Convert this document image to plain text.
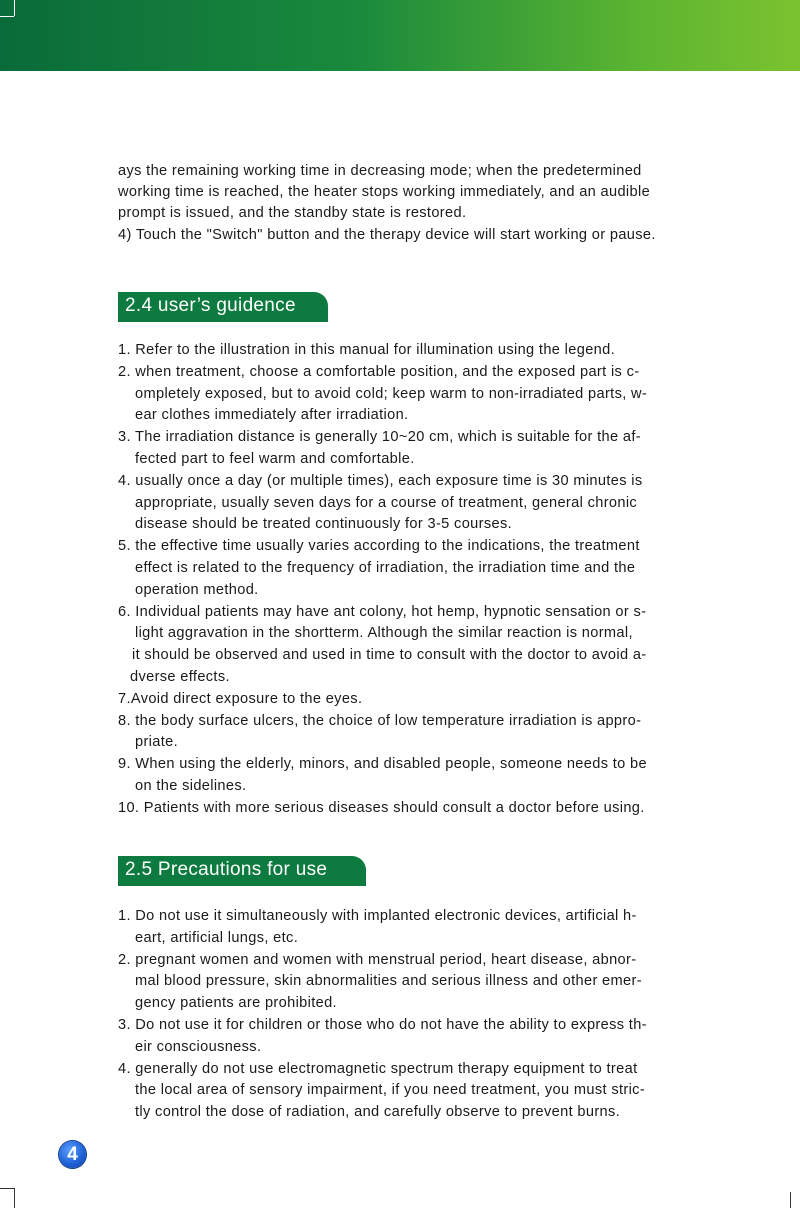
ays the remaining working time in decreasing mode; when the predetermined

working time is reached, the heater stops working immediately, and an audible

prompt is issued, and the standby state is restored.

4) Touch the "Switch" button and the therapy device will start working or pause.

2.4 user’s guidence
1. Refer to the illustration in this manual for illumination using the legend.
2. when treatment, choose a comfortable position, and the exposed part is c-
ompletely exposed, but to avoid cold; keep warm to non-irradiated parts, w-
ear clothes immediately after irradiation.
3. The irradiation distance is generally 10~20 cm, which is suitable for the af-
fected part to feel warm and comfortable.
4. usually once a day (or multiple times), each exposure time is 30 minutes is
appropriate, usually seven days for a course of treatment, general chronic
disease should be treated continuously for 3-5 courses.
5. the effective time usually varies according to the indications, the treatment
effect is related to the frequency of irradiation, the irradiation time and the
operation method.
6. Individual patients may have ant colony, hot hemp, hypnotic sensation or s-
light aggravation in the shortterm. Although the similar reaction is normal,
it should be observed and used in time to consult with the doctor to avoid a-
dverse effects.
7.Avoid direct exposure to the eyes.
8. the body surface ulcers, the choice of low temperature irradiation is appro-
priate.
9. When using the elderly, minors, and disabled people, someone needs to be
on the sidelines.
10. Patients with more serious diseases should consult a doctor before using.
2.5 Precautions for use
1. Do not use it simultaneously with implanted electronic devices, artificial h-
eart, artificial lungs, etc.
2. pregnant women and women with menstrual period, heart disease, abnor-
mal blood pressure, skin abnormalities and serious illness and other emer-
gency patients are prohibited.
3. Do not use it for children or those who do not have the ability to express th-
eir consciousness.
4. generally do not use electromagnetic spectrum therapy equipment to treat
the local area of sensory impairment, if you need treatment, you must stric-
tly control the dose of radiation, and carefully observe to prevent burns.
4
